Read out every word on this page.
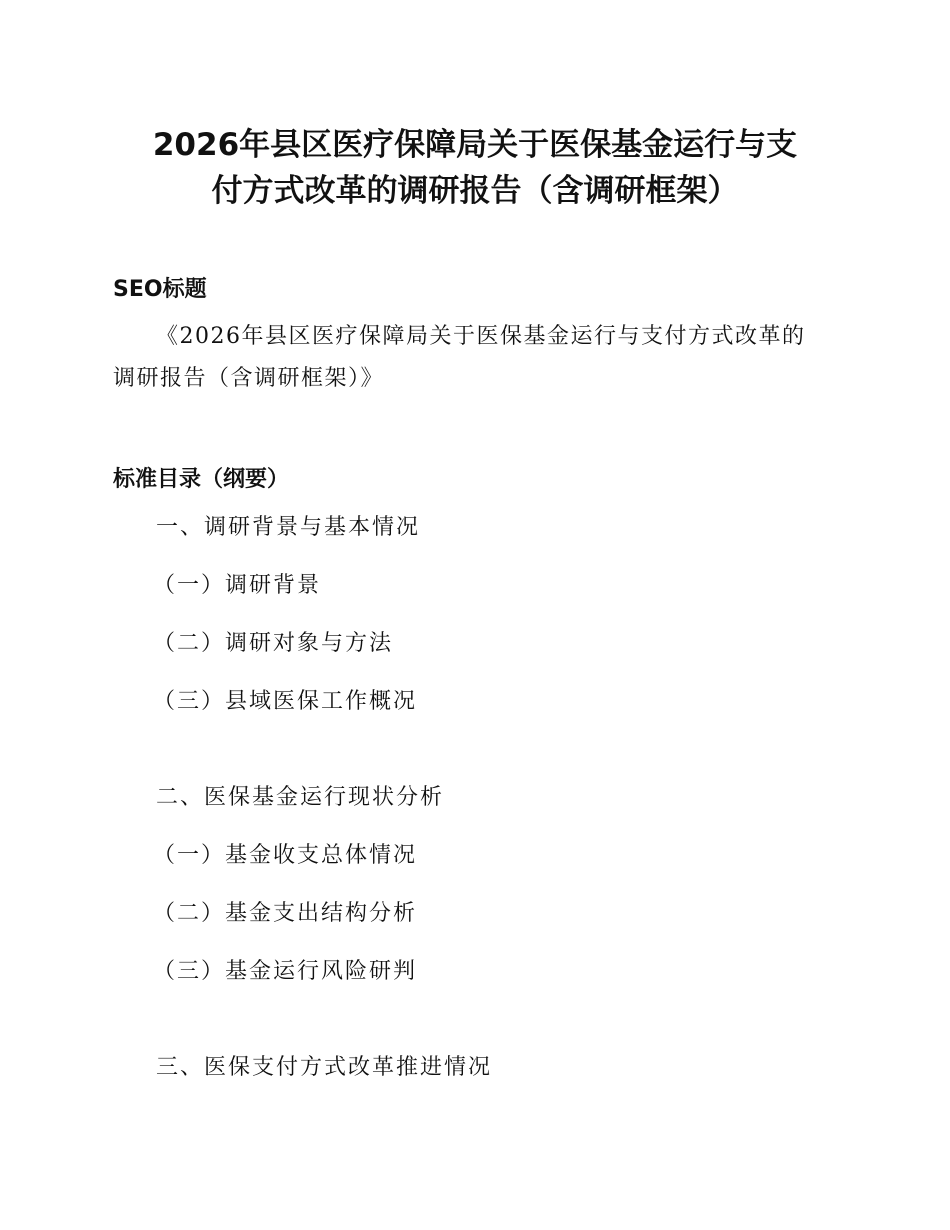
2026年县区医疗保障局关于医保基金运行与支
付方式改革的调研报告（含调研框架）
SEO标题

《2026年县区医疗保障局关于医保基金运行与支付方式改革的
调研报告（含调研框架）》

标准目录（纲要）

一、调研背景与基本情况

（一）调研背景

（二）调研对象与方法

（三）县域医保工作概况

二、医保基金运行现状分析

（一）基金收支总体情况

（二）基金支出结构分析

（三）基金运行风险研判

三、医保支付方式改革推进情况
